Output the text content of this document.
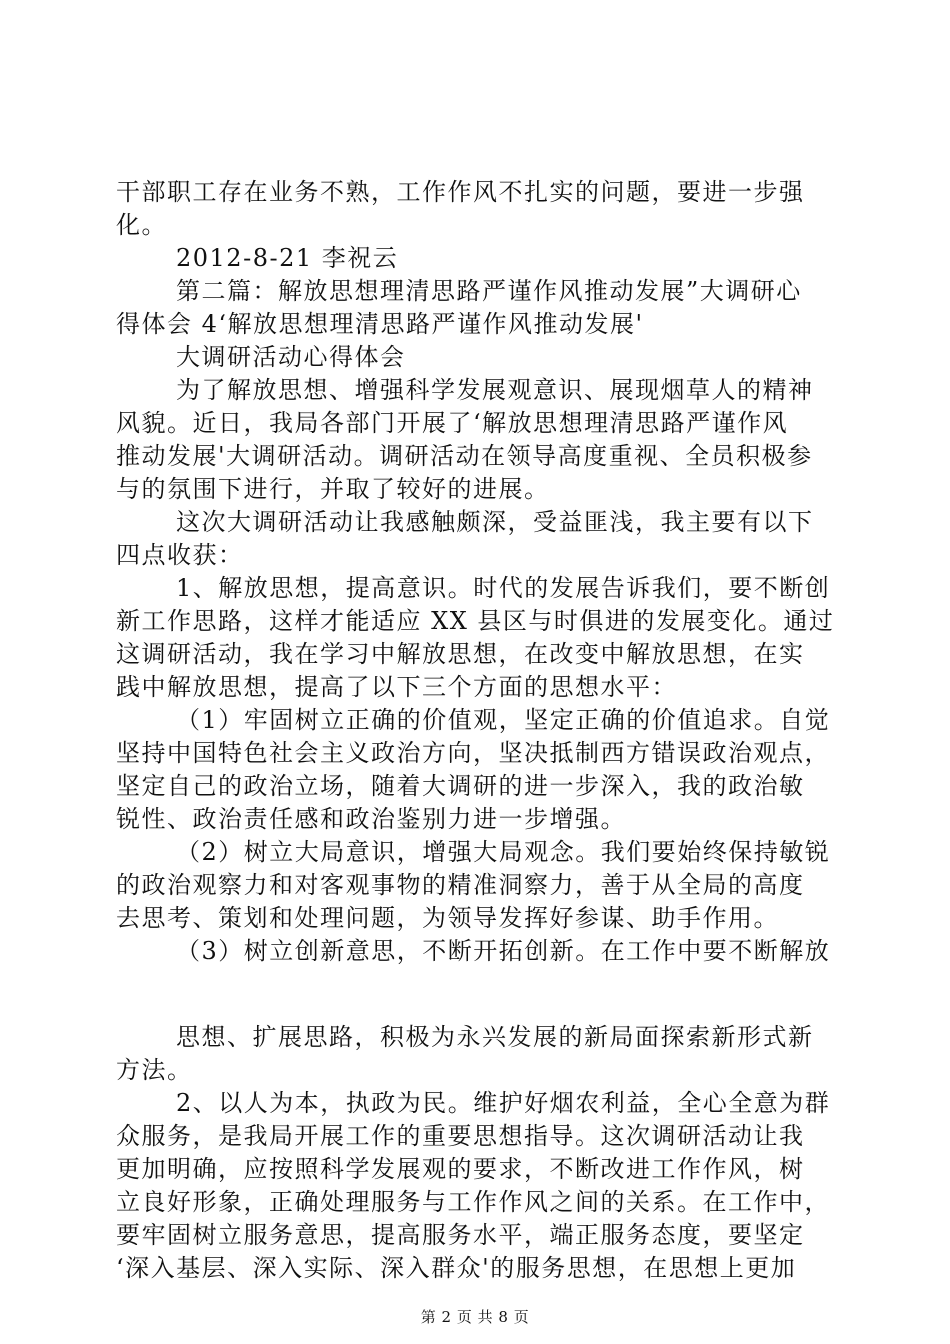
干部职工存在业务不熟，工作作风不扎实的问题，要进一步强
化。
2012-8-21 李祝云
第二篇：解放思想理清思路严谨作风推动发展”大调研心
得体会 4‘解放思想理清思路严谨作风推动发展'
大调研活动心得体会
为了解放思想、增强科学发展观意识、展现烟草人的精神
风貌。近日，我局各部门开展了‘解放思想理清思路严谨作风
推动发展'大调研活动。调研活动在领导高度重视、全员积极参
与的氛围下进行，并取了较好的进展。
这次大调研活动让我感触颇深，受益匪浅，我主要有以下
四点收获：
1、解放思想，提高意识。时代的发展告诉我们，要不断创
新工作思路，这样才能适应 XX 县区与时俱进的发展变化。通过
这调研活动，我在学习中解放思想，在改变中解放思想，在实
践中解放思想，提高了以下三个方面的思想水平：
（1）牢固树立正确的价值观，坚定正确的价值追求。自觉
坚持中国特色社会主义政治方向，坚决抵制西方错误政治观点，
坚定自己的政治立场，随着大调研的进一步深入，我的政治敏
锐性、政治责任感和政治鉴别力进一步增强。
（2）树立大局意识，增强大局观念。我们要始终保持敏锐
的政治观察力和对客观事物的精准洞察力，善于从全局的高度
去思考、策划和处理问题，为领导发挥好参谋、助手作用。
（3）树立创新意思，不断开拓创新。在工作中要不断解放
思想、扩展思路，积极为永兴发展的新局面探索新形式新
方法。
2、以人为本，执政为民。维护好烟农利益，全心全意为群
众服务，是我局开展工作的重要思想指导。这次调研活动让我
更加明确，应按照科学发展观的要求，不断改进工作作风，树
立良好形象，正确处理服务与工作作风之间的关系。在工作中，
要牢固树立服务意思，提高服务水平，端正服务态度，要坚定
‘深入基层、深入实际、深入群众'的服务思想，在思想上更加
第 2 页 共 8 页
